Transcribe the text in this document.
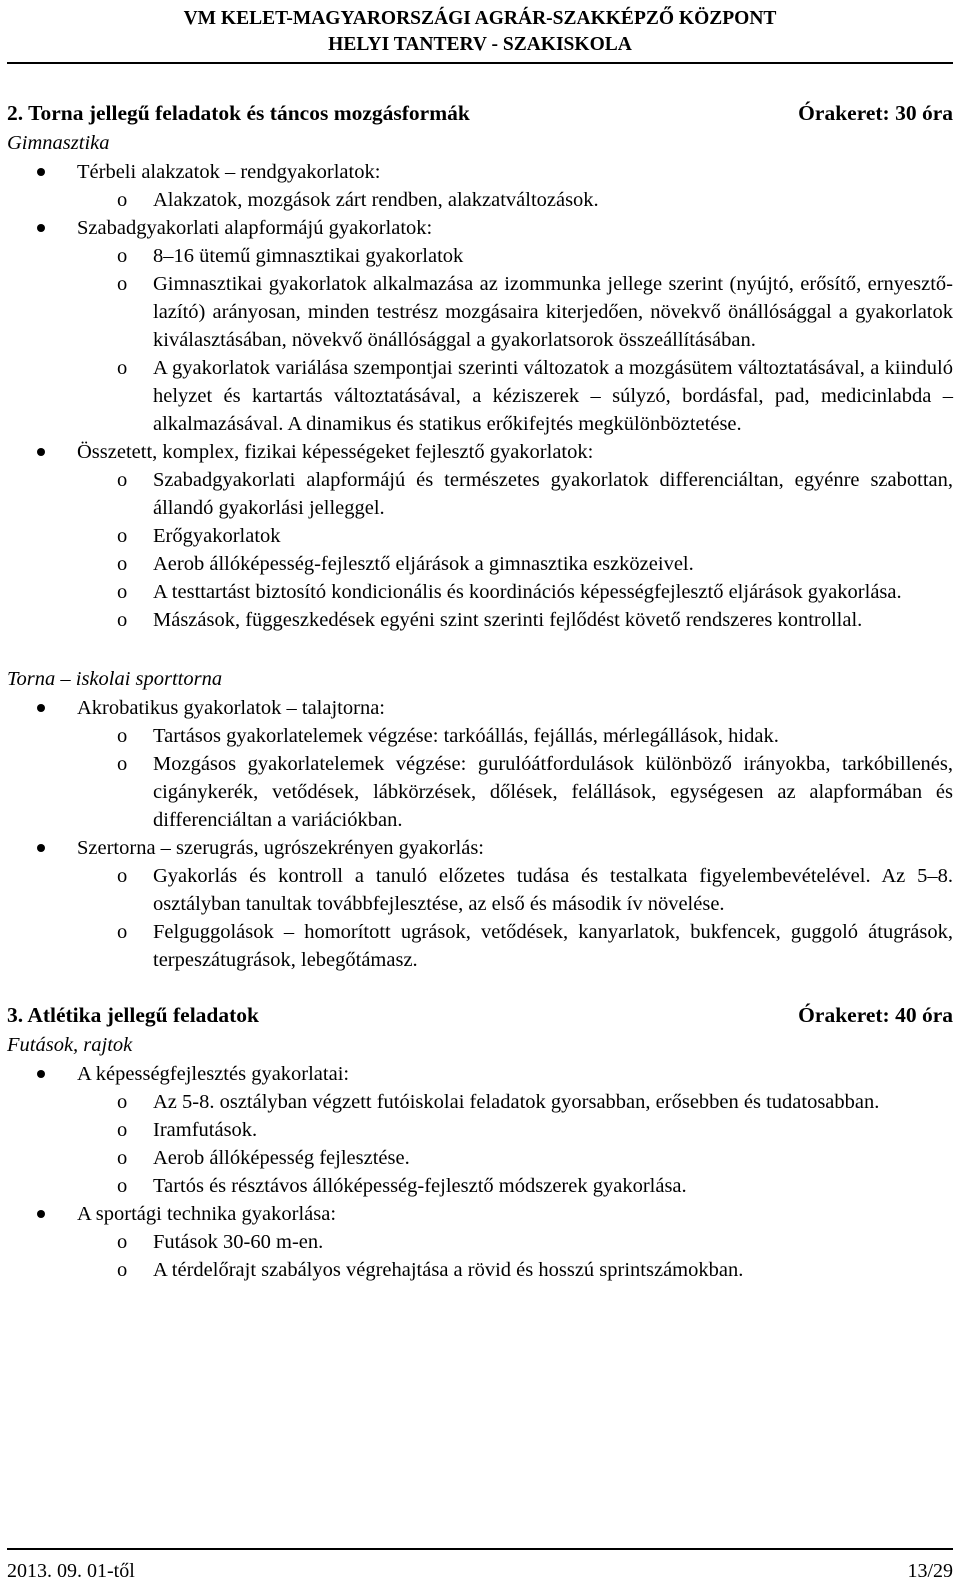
VM KELET-MAGYARORSZÁGI AGRÁR-SZAKKÉPZŐ KÖZPONT
HELYI TANTERV - SZAKISKOLA
2. Torna jellegű feladatok és táncos mozgásformák	Órakeret: 30 óra
Gimnasztika
Térbeli alakzatok – rendgyakorlatok:
o Alakzatok, mozgások zárt rendben, alakzatváltozások.
Szabadgyakorlati alapformájú gyakorlatok:
o 8–16 ütemű gimnasztikai gyakorlatok
o Gimnasztikai gyakorlatok alkalmazása az izommunka jellege szerint (nyújtó, erősítő, ernyesztő-lazító) arányosan, minden testrész mozgásaira kiterjedően, növekvő önállósággal a gyakorlatok kiválasztásában, növekvő önállósággal a gyakorlatsorok összeállításában.
o A gyakorlatok variálása szempontjai szerinti változatok a mozgásütem változtatásával, a kiinduló helyzet és kartartás változtatásával, a kéziszerek – súlyzó, bordásfal, pad, medicinlabda – alkalmazásával. A dinamikus és statikus erőkifejtés megkülönböztetése.
Összetett, komplex, fizikai képességeket fejlesztő gyakorlatok:
o Szabadgyakorlati alapformájú és természetes gyakorlatok differenciáltan, egyénre szabottan, állandó gyakorlási jelleggel.
o Erőgyakorlatok
o Aerob állóképesség-fejlesztő eljárások a gimnasztika eszközeivel.
o A testtartást biztosító kondicionális és koordinációs képességfejlesztő eljárások gyakorlása.
o Mászások, függeszkedések egyéni szint szerinti fejlődést követő rendszeres kontrollal.
Torna – iskolai sporttorna
Akrobatikus gyakorlatok – talajtorna:
o Tartásos gyakorlatelemek végzése: tarkóállás, fejállás, mérlegállások, hidak.
o Mozgásos gyakorlatelemek végzése: gurulóátfordulások különböző irányokba, tarkóbillenés, cigánykerék, vetődések, lábkörzések, dőlések, felállások, egységesen az alapformában és differenciáltan a variációkban.
Szertorna – szerugrás, ugrószekrényen gyakorlás:
o Gyakorlás és kontroll a tanuló előzetes tudása és testalkata figyelembevételével. Az 5–8. osztályban tanultak továbbfejlesztése, az első és második ív növelése.
o Felguggolások – homorított ugrások, vetődések, kanyarlatok, bukfencek, guggoló átugrások, terpeszátugrások, lebegőtámasz.
3. Atlétika jellegű feladatok	Órakeret: 40 óra
Futások, rajtok
A képességfejlesztés gyakorlatai:
o Az 5-8. osztályban végzett futóiskolai feladatok gyorsabban, erősebben és tudatosabban.
o Iramfutások.
o Aerob állóképesség fejlesztése.
o Tartós és résztávos állóképesség-fejlesztő módszerek gyakorlása.
A sportági technika gyakorlása:
o Futások 30-60 m-en.
o A térdelőrajt szabályos végrehajtása a rövid és hosszú sprintszámokban.
2013. 09. 01-től	13/29
